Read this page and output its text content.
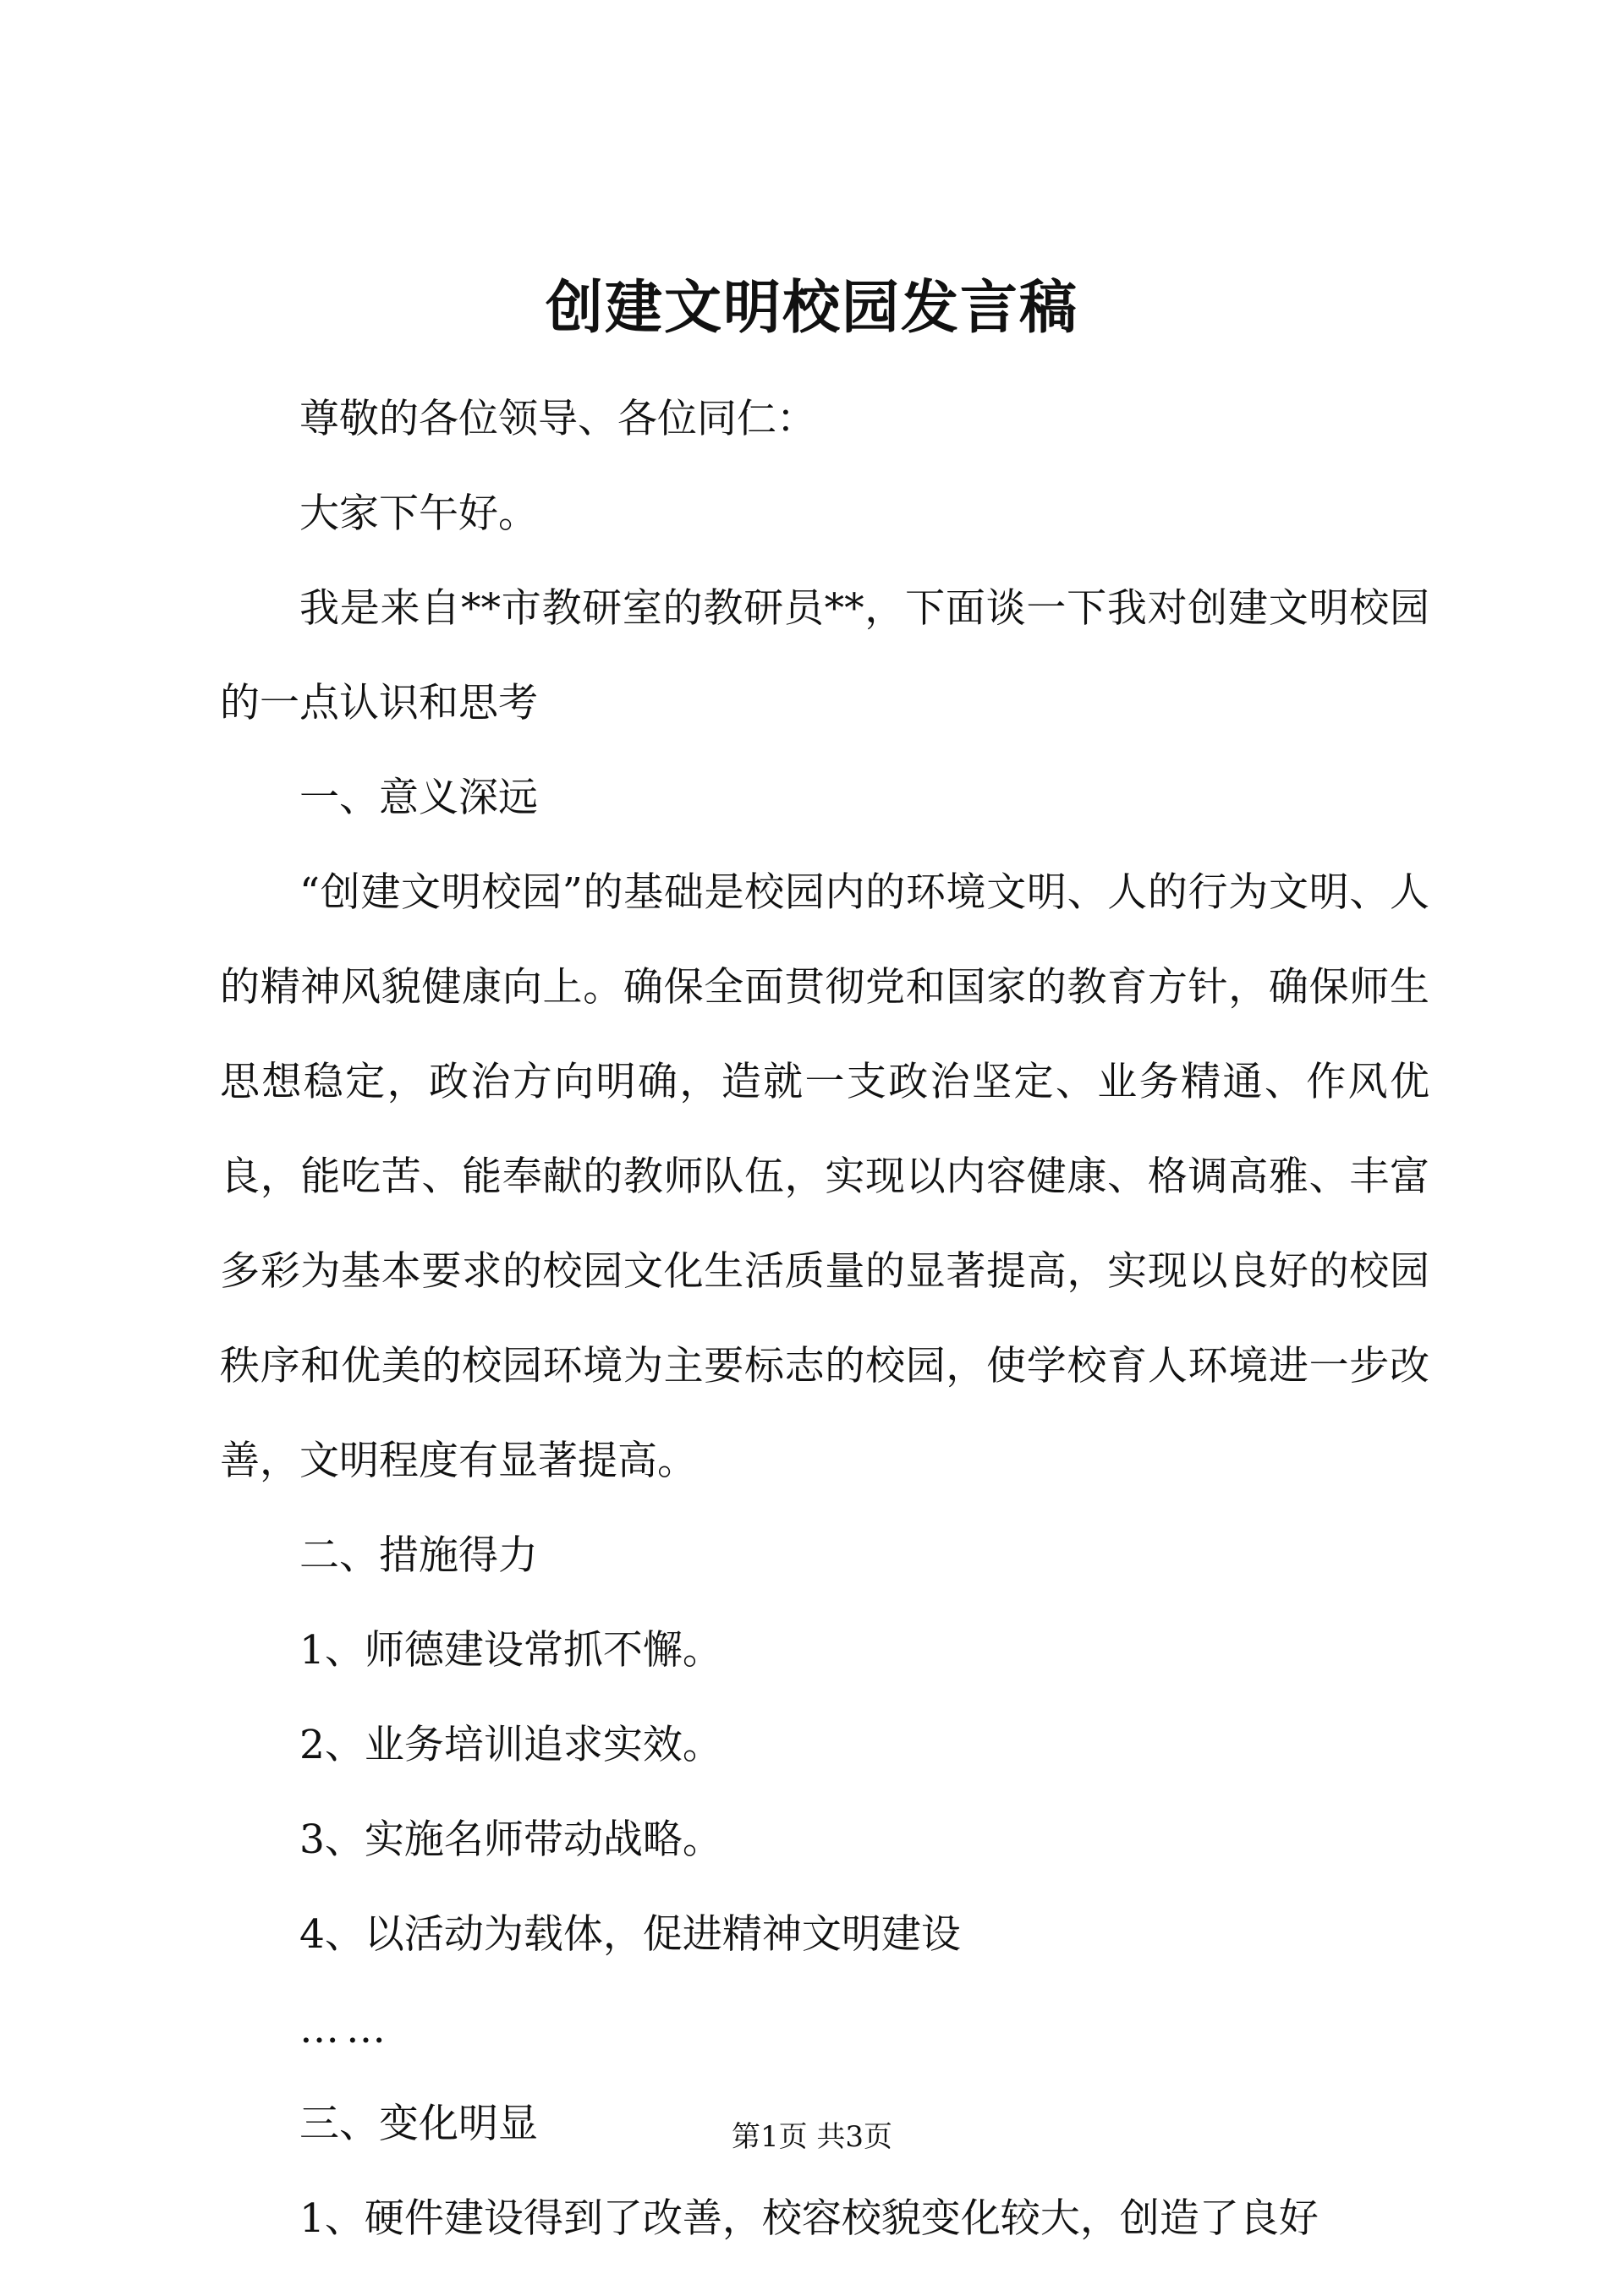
创建文明校园发言稿

尊敬的各位领导、各位同仁：

大家下午好。

我是来自**市教研室的教研员**，下面谈一下我对创建文明校园的一点认识和思考

一、意义深远

“创建文明校园”的基础是校园内的环境文明、人的行为文明、人的精神风貌健康向上。确保全面贯彻党和国家的教育方针，确保师生思想稳定，政治方向明确，造就一支政治坚定、业务精通、作风优良，能吃苦、能奉献的教师队伍，实现以内容健康、格调高雅、丰富多彩为基本要求的校园文化生活质量的显著提高，实现以良好的校园秩序和优美的校园环境为主要标志的校园，使学校育人环境进一步改善，文明程度有显著提高。

二、措施得力

1、师德建设常抓不懈。

2、业务培训追求实效。

3、实施名师带动战略。

4、以活动为载体，促进精神文明建设

……

三、变化明显

1、硬件建设得到了改善，校容校貌变化较大，创造了良好

第1页 共3页
